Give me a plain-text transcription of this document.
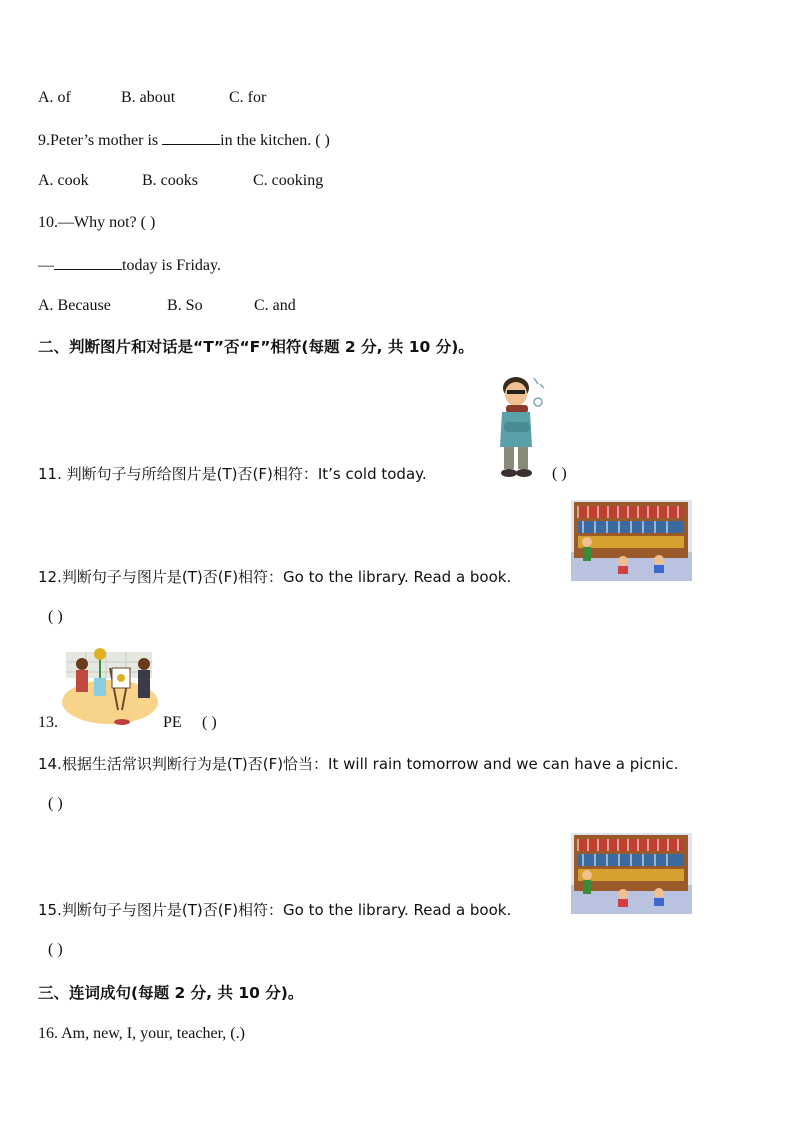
A. of	B. about	C. for
9.Peter’s mother is	in the kitchen. ( )
A. cook	B. cooks	C. cooking
10.—Why not? ( )
—	today is Friday.
A. Because	B. So	C. and
二、判断图片和对话是“T”否“F”相符(每题 2 分, 共 10 分)。
11. 判断句子与所给图片是(T)否(F)相符：It’s cold today.	( )
12.判断句子与图片是(T)否(F)相符：Go to the library. Read a book.
( )
13.	PE ( )
14.根据生活常识判断行为是(T)否(F)恰当：It will rain tomorrow and we can have a picnic.
( )
15.判断句子与图片是(T)否(F)相符：Go to the library. Read a book.
( )
三、连词成句(每题 2 分, 共 10 分)。
16. Am, new, I, your, teacher, (.)
